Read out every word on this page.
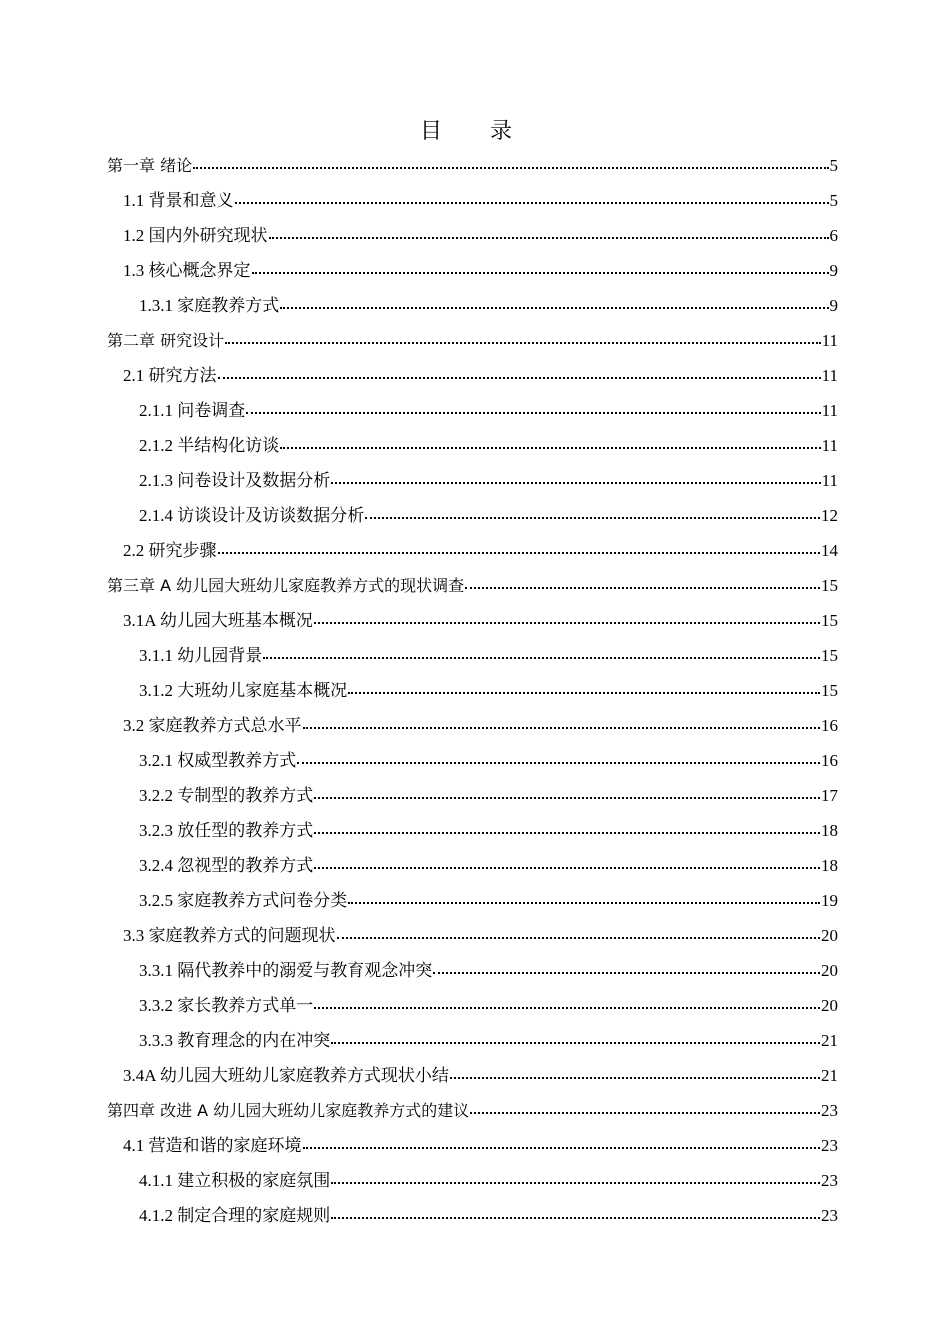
目录
第一章 绪论	5
1.1 背景和意义	5
1.2 国内外研究现状	6
1.3 核心概念界定	9
1.3.1 家庭教养方式	9
第二章 研究设计	11
2.1 研究方法	11
2.1.1 问卷调查	11
2.1.2 半结构化访谈	11
2.1.3 问卷设计及数据分析	11
2.1.4 访谈设计及访谈数据分析	12
2.2 研究步骤	14
第三章 A 幼儿园大班幼儿家庭教养方式的现状调查	15
3.1A 幼儿园大班基本概况	15
3.1.1 幼儿园背景	15
3.1.2 大班幼儿家庭基本概况	15
3.2 家庭教养方式总水平	16
3.2.1 权威型教养方式	16
3.2.2 专制型的教养方式	17
3.2.3 放任型的教养方式	18
3.2.4 忽视型的教养方式	18
3.2.5 家庭教养方式问卷分类	19
3.3 家庭教养方式的问题现状	20
3.3.1 隔代教养中的溺爱与教育观念冲突	20
3.3.2 家长教养方式单一	20
3.3.3 教育理念的内在冲突	21
3.4A 幼儿园大班幼儿家庭教养方式现状小结	21
第四章 改进 A 幼儿园大班幼儿家庭教养方式的建议	23
4.1 营造和谐的家庭环境	23
4.1.1 建立积极的家庭氛围	23
4.1.2 制定合理的家庭规则	23
